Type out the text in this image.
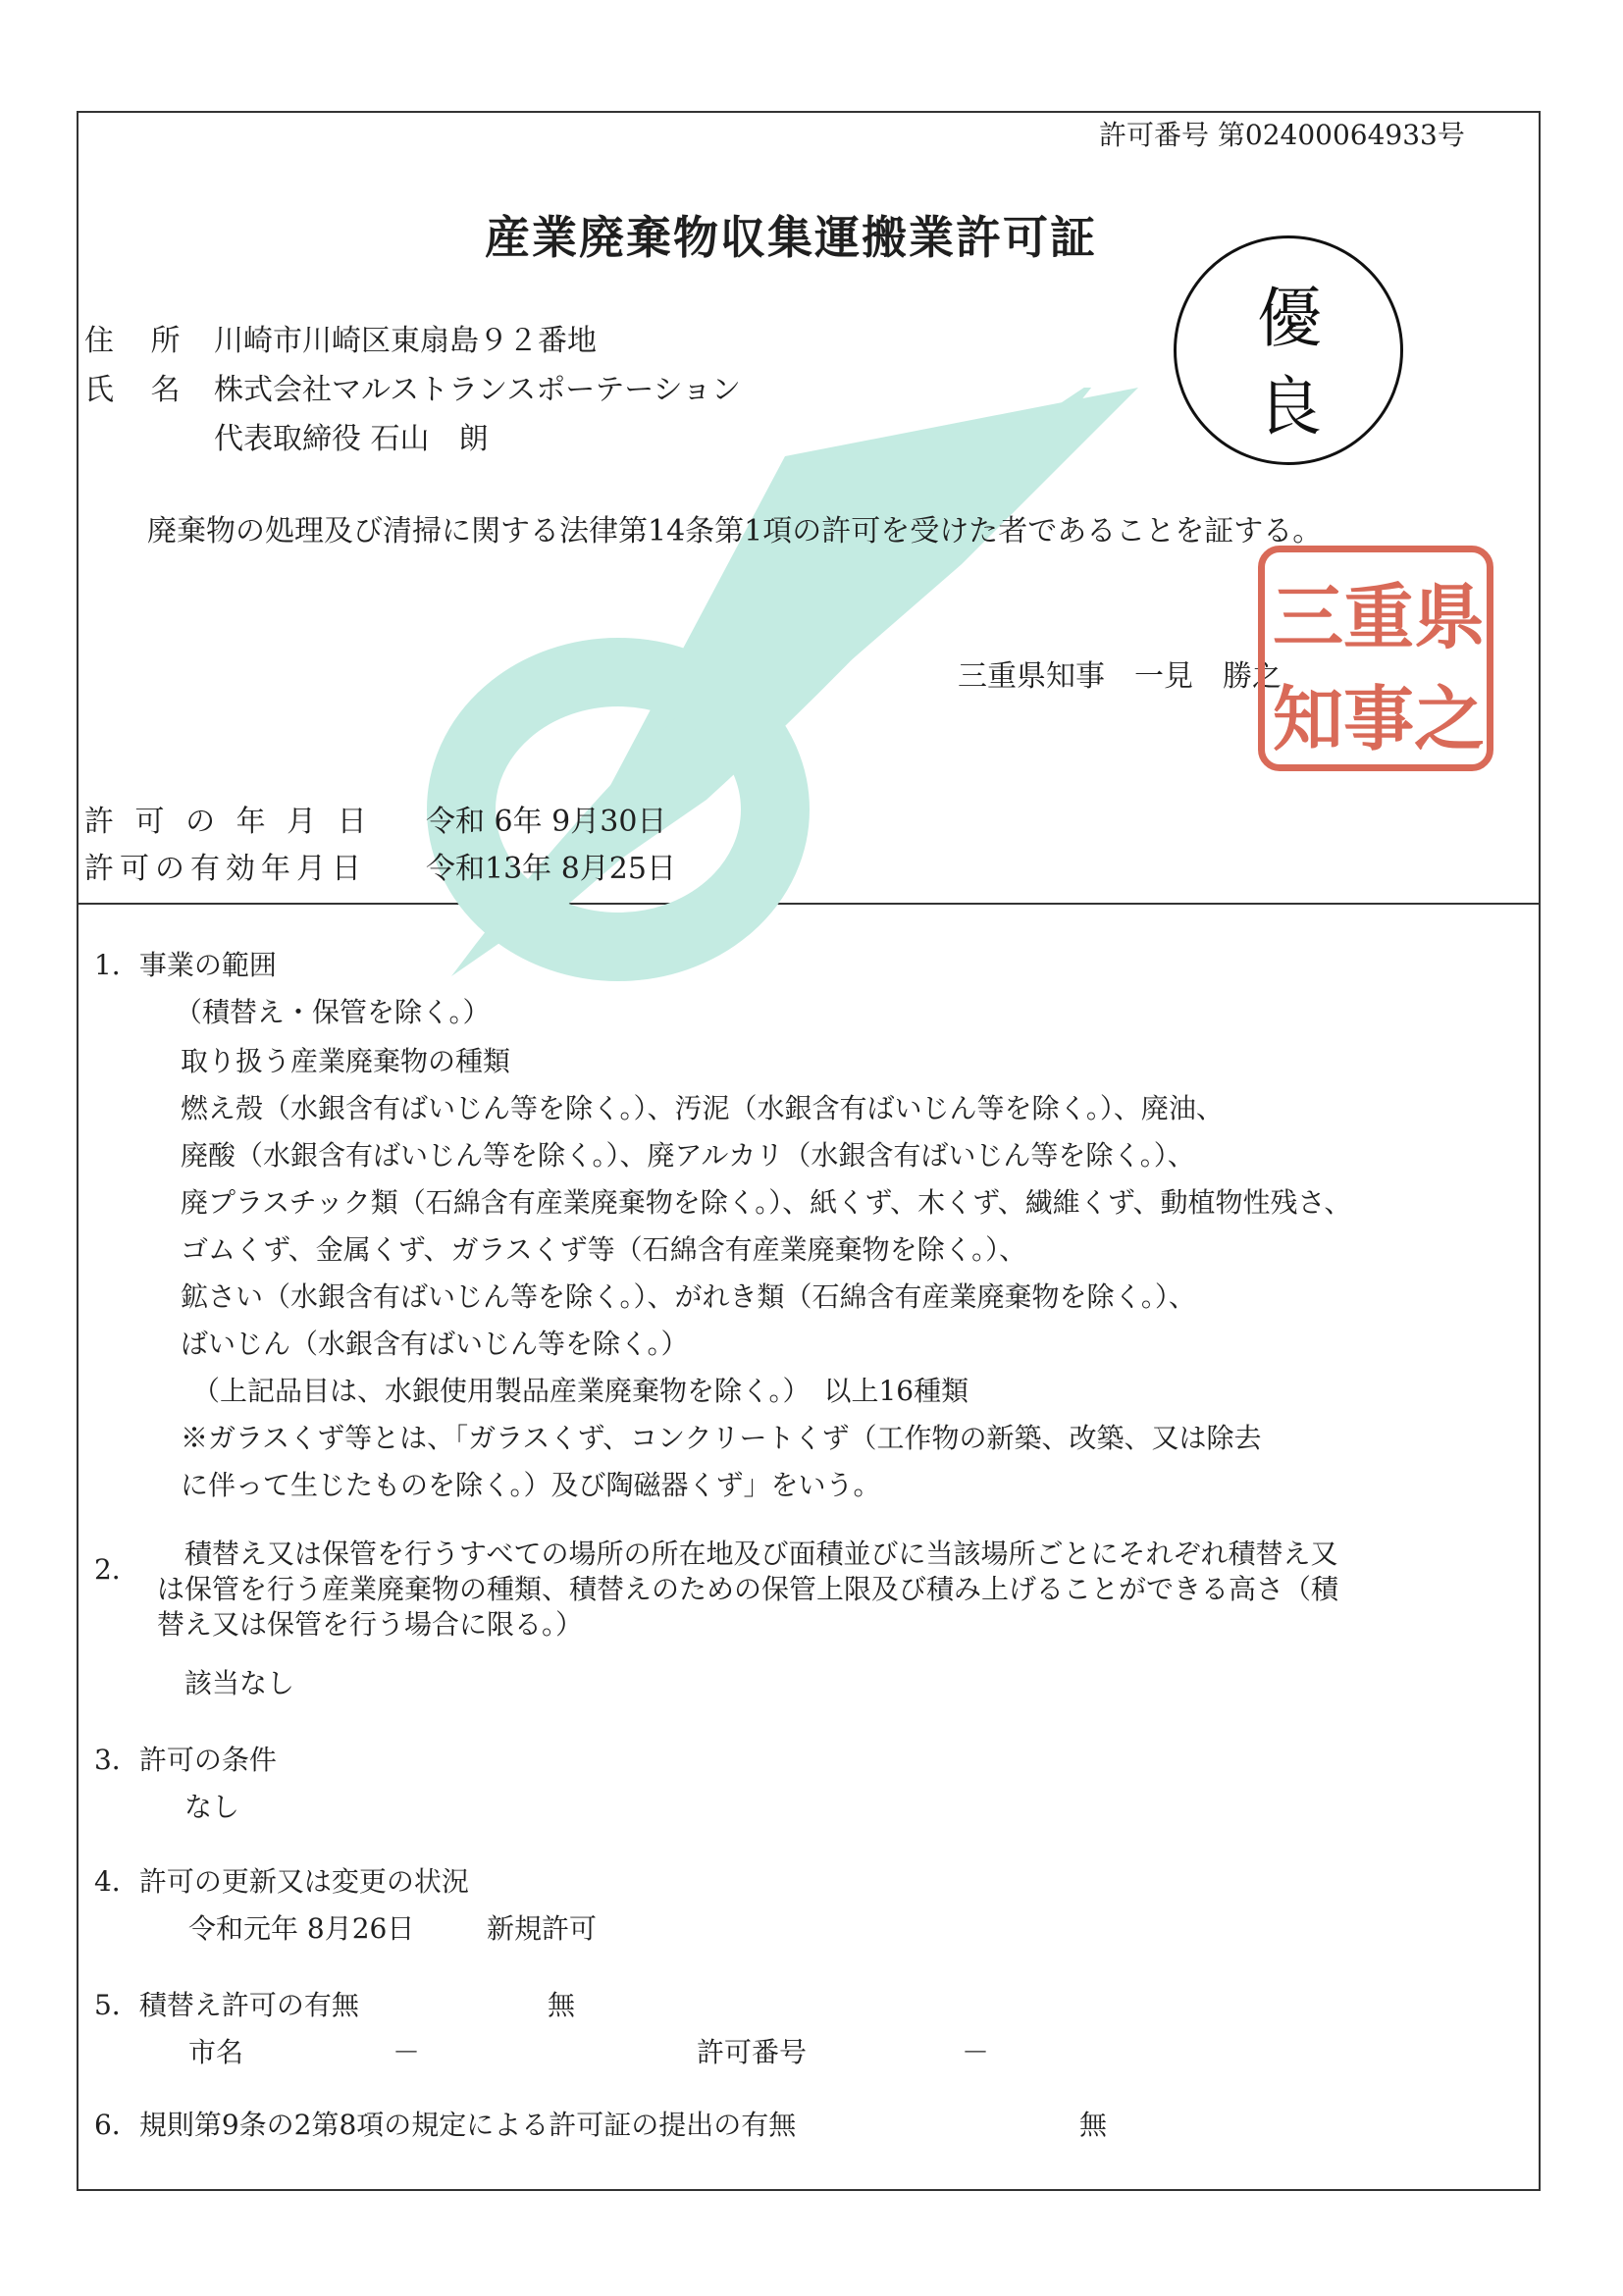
許可番号 第02400064933号
産業廃棄物収集運搬業許可証
住 所 川崎市川崎区東扇島９２番地
氏 名 株式会社マルストランスポーテーション
代表取締役 石山　朗
優
良
廃棄物の処理及び清掃に関する法律第14条第1項の許可を受けた者であることを証する。
三重県知事　一見　勝之
県
重
三
之
事
知
許 可 の 年 月 日 令和 6年 9月30日
許可の有効年月日 令和13年 8月25日
1．事業の範囲
（積替え・保管を除く。）
取り扱う産業廃棄物の種類
燃え殻（水銀含有ばいじん等を除く。）、汚泥（水銀含有ばいじん等を除く。）、廃油、
廃酸（水銀含有ばいじん等を除く。）、廃アルカリ（水銀含有ばいじん等を除く。）、
廃プラスチック類（石綿含有産業廃棄物を除く。）、紙くず、木くず、繊維くず、動植物性残さ、
ゴムくず、金属くず、ガラスくず等（石綿含有産業廃棄物を除く。）、
鉱さい（水銀含有ばいじん等を除く。）、がれき類（石綿含有産業廃棄物を除く。）、
ばいじん（水銀含有ばいじん等を除く。）
（上記品目は、水銀使用製品産業廃棄物を除く。）　以上16種類
※ガラスくず等とは、「ガラスくず、コンクリートくず（工作物の新築、改築、又は除去
に伴って生じたものを除く。）及び陶磁器くず」をいう。
2． 積替え又は保管を行うすべての場所の所在地及び面積並びに当該場所ごとにそれぞれ積替え又
は保管を行う産業廃棄物の種類、積替えのための保管上限及び積み上げることができる高さ（積
替え又は保管を行う場合に限る。）
該当なし
3．許可の条件
なし
4．許可の更新又は変更の状況
令和元年 8月26日	新規許可
5．積替え許可の有無	無
市名	－	許可番号	－
6．規則第9条の2第8項の規定による許可証の提出の有無	無
